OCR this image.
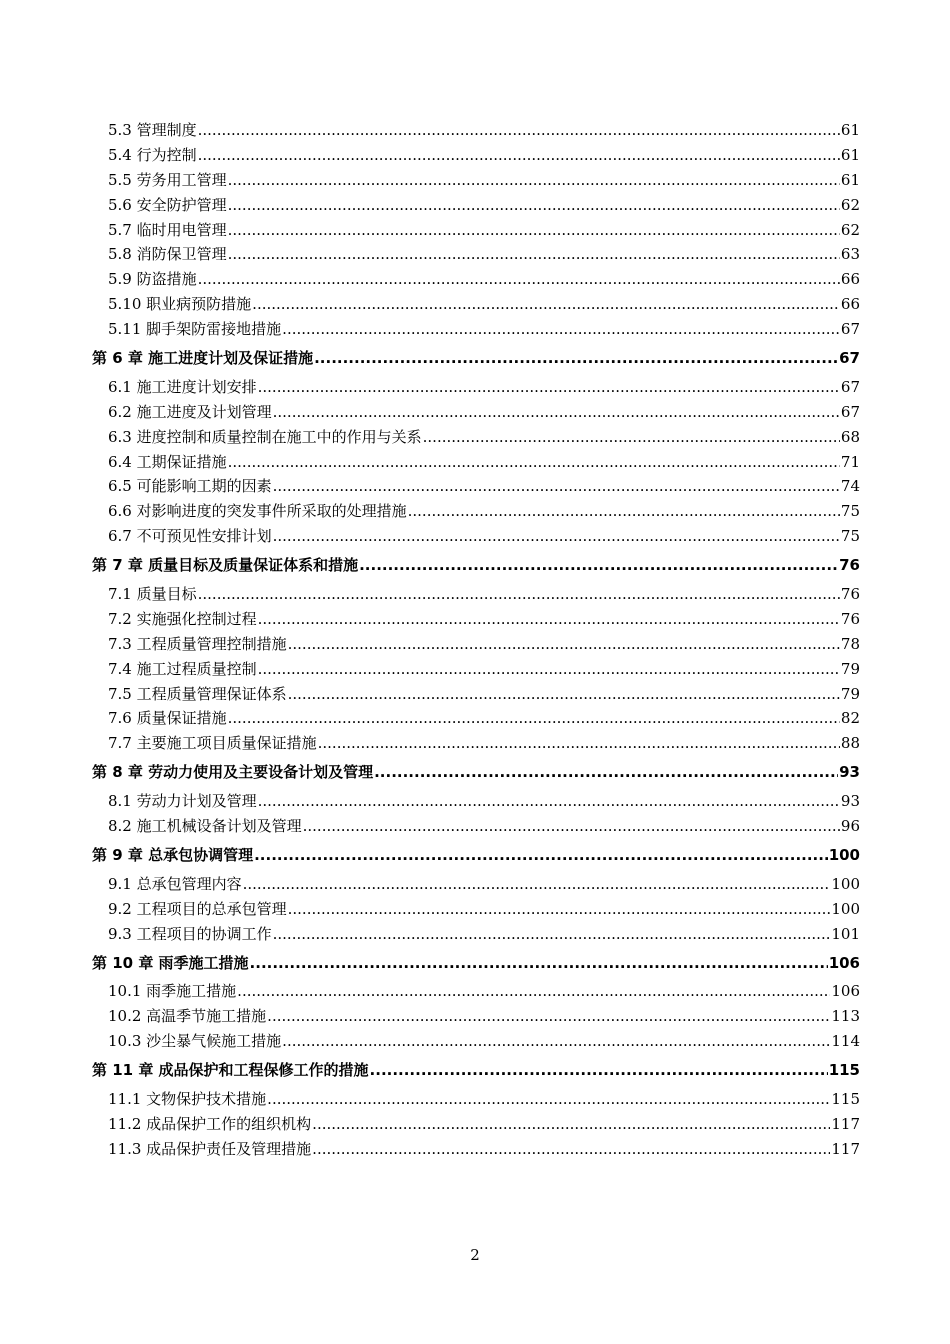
5.3 管理制度 .....	61
5.4 行为控制 .....	61
5.5 劳务用工管理 .....	61
5.6 安全防护管理 .....	62
5.7 临时用电管理 .....	62
5.8 消防保卫管理 .....	63
5.9 防盗措施 .....	66
5.10 职业病预防措施 .....	66
5.11 脚手架防雷接地措施 .....	67
第 6 章 施工进度计划及保证措施 .....	67
6.1 施工进度计划安排 .....	67
6.2 施工进度及计划管理 .....	67
6.3 进度控制和质量控制在施工中的作用与关系 .....	68
6.4 工期保证措施 .....	71
6.5 可能影响工期的因素 .....	74
6.6 对影响进度的突发事件所采取的处理措施 .....	75
6.7 不可预见性安排计划 .....	75
第 7 章 质量目标及质量保证体系和措施 .....	76
7.1 质量目标 .....	76
7.2 实施强化控制过程 .....	76
7.3 工程质量管理控制措施 .....	78
7.4 施工过程质量控制 .....	79
7.5 工程质量管理保证体系 .....	79
7.6 质量保证措施 .....	82
7.7 主要施工项目质量保证措施 .....	88
第 8 章 劳动力使用及主要设备计划及管理 .....	93
8.1 劳动力计划及管理 .....	93
8.2 施工机械设备计划及管理 .....	96
第 9 章 总承包协调管理 .....	100
9.1 总承包管理内容 .....	100
9.2 工程项目的总承包管理 .....	100
9.3 工程项目的协调工作 .....	101
第 10 章 雨季施工措施 .....	106
10.1 雨季施工措施 .....	106
10.2 高温季节施工措施 .....	113
10.3 沙尘暴气候施工措施 .....	114
第 11 章 成品保护和工程保修工作的措施 .....	115
11.1 文物保护技术措施 .....	115
11.2 成品保护工作的组织机构 .....	117
11.3 成品保护责任及管理措施 .....	117
2
